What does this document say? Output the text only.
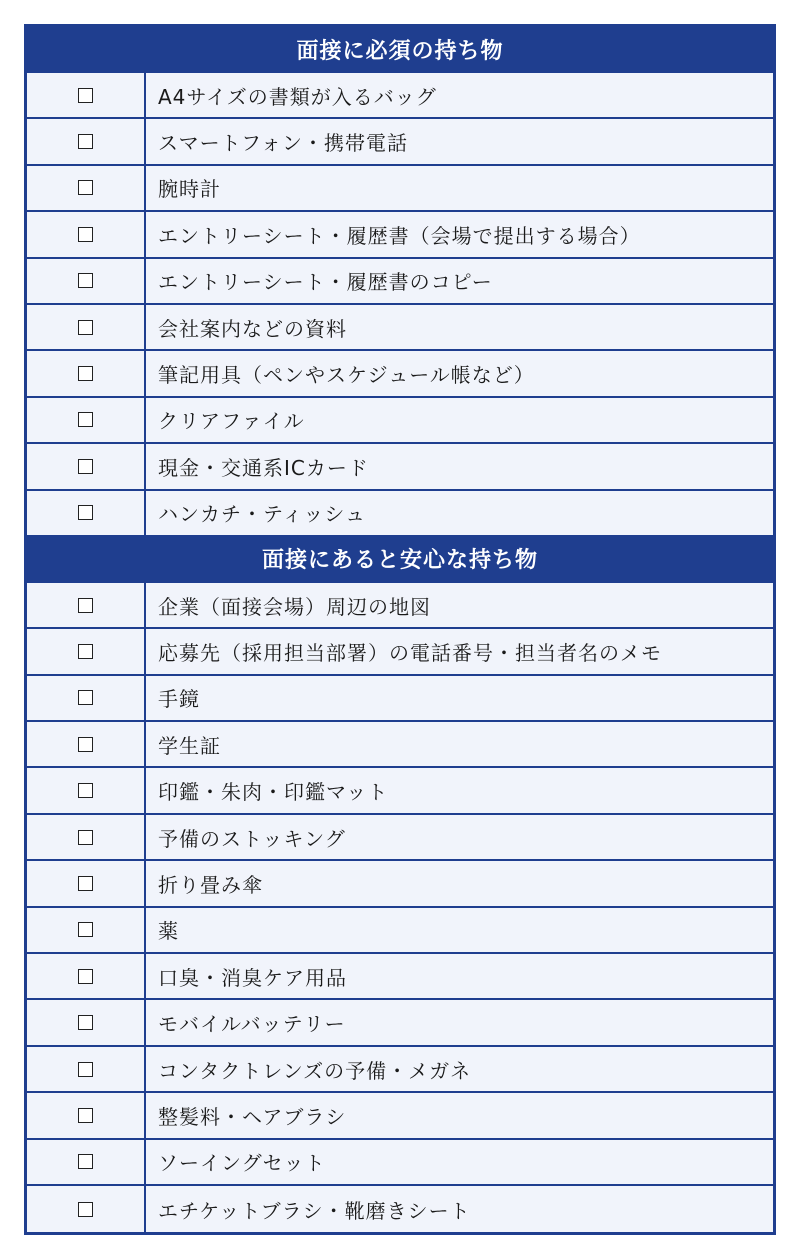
面接に必須の持ち物
A4サイズの書類が入るバッグ
スマートフォン・携帯電話
腕時計
エントリーシート・履歴書（会場で提出する場合）
エントリーシート・履歴書のコピー
会社案内などの資料
筆記用具（ペンやスケジュール帳など）
クリアファイル
現金・交通系ICカード
ハンカチ・ティッシュ
面接にあると安心な持ち物
企業（面接会場）周辺の地図
応募先（採用担当部署）の電話番号・担当者名のメモ
手鏡
学生証
印鑑・朱肉・印鑑マット
予備のストッキング
折り畳み傘
薬
口臭・消臭ケア用品
モバイルバッテリー
コンタクトレンズの予備・メガネ
整髪料・ヘアブラシ
ソーイングセット
エチケットブラシ・靴磨きシート
